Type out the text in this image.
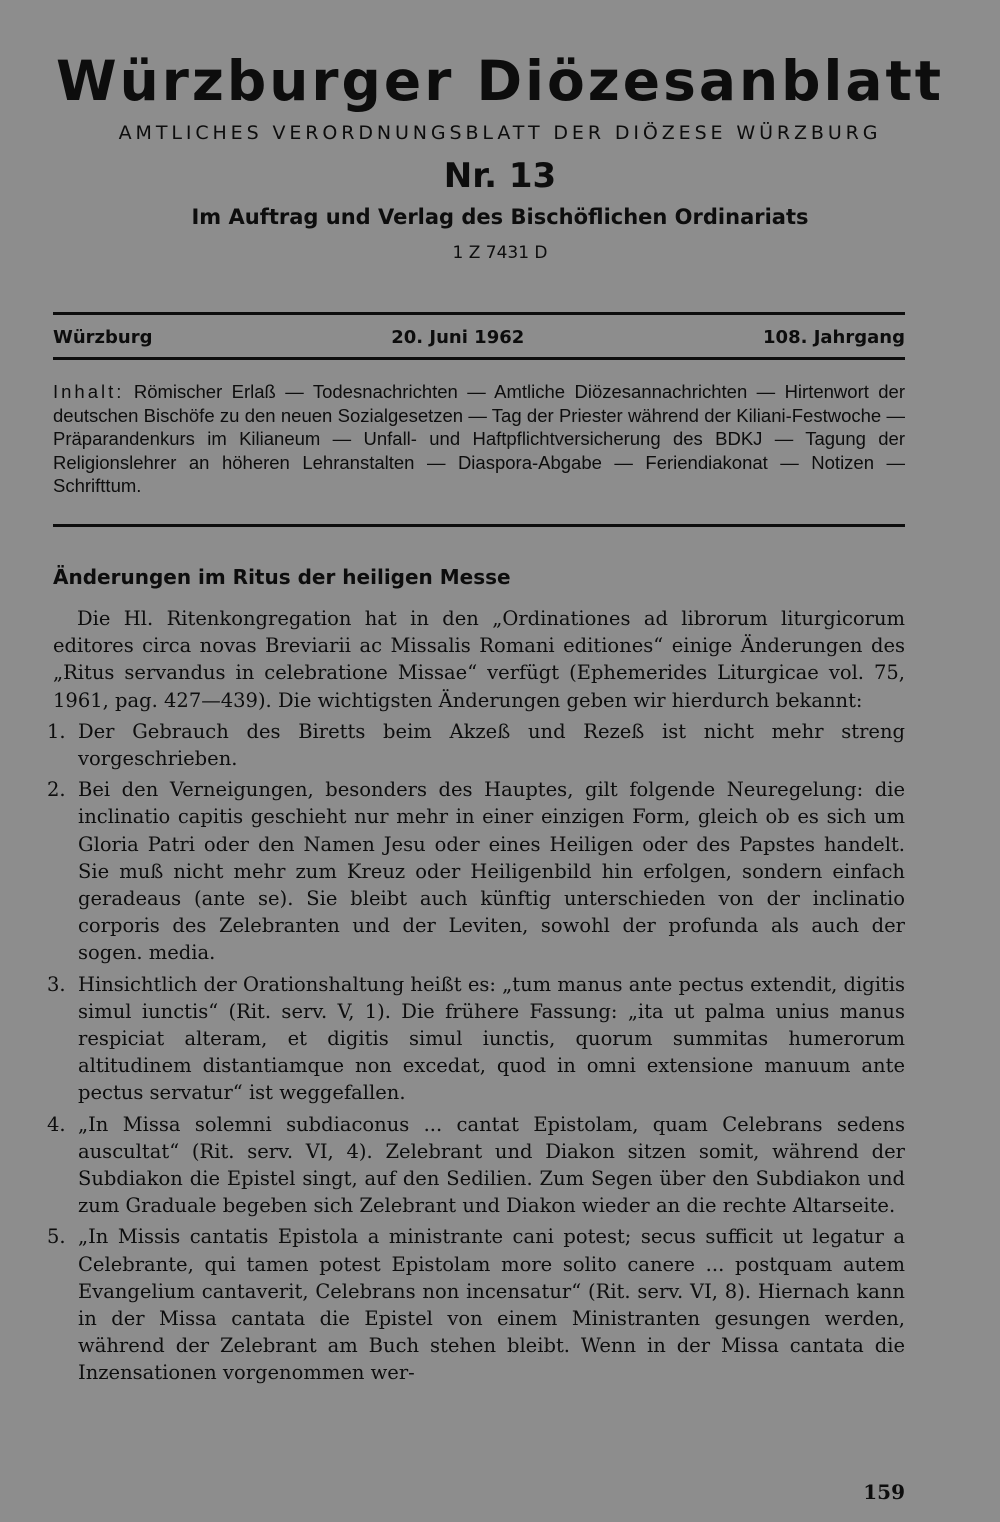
Würzburger Diözesanblatt
AMTLICHES VERORDNUNGSBLATT DER DIÖZESE WÜRZBURG
Nr. 13
Im Auftrag und Verlag des Bischöflichen Ordinariats
1 Z 7431 D
Würzburg	20. Juni 1962	108. Jahrgang
Inhalt: Römischer Erlaß — Todesnachrichten — Amtliche Diözesannachrichten — Hirtenwort der deutschen Bischöfe zu den neuen Sozialgesetzen — Tag der Priester während der Kiliani-Festwoche — Präparandenkurs im Kilianeum — Unfall- und Haftpflichtversicherung des BDKJ — Tagung der Religionslehrer an höheren Lehranstalten — Diaspora-Abgabe — Feriendiakonat — Notizen — Schrifttum.
Änderungen im Ritus der heiligen Messe

Die Hl. Ritenkongregation hat in den „Ordinationes ad librorum liturgicorum editores circa novas Breviarii ac Missalis Romani editiones“ einige Änderungen des „Ritus servandus in celebratione Missae“ verfügt (Ephemerides Liturgicae vol. 75, 1961, pag. 427—439). Die wichtigsten Änderungen geben wir hierdurch bekannt:

1. Der Gebrauch des Biretts beim Akzeß und Rezeß ist nicht mehr streng vorgeschrieben.
2. Bei den Verneigungen, besonders des Hauptes, gilt folgende Neuregelung: die inclinatio capitis geschieht nur mehr in einer einzigen Form, gleich ob es sich um Gloria Patri oder den Namen Jesu oder eines Heiligen oder des Papstes handelt. Sie muß nicht mehr zum Kreuz oder Heiligenbild hin erfolgen, sondern einfach geradeaus (ante se). Sie bleibt auch künftig unterschieden von der inclinatio corporis des Zelebranten und der Leviten, sowohl der profunda als auch der sogen. media.
3. Hinsichtlich der Orationshaltung heißt es: „tum manus ante pectus extendit, digitis simul iunctis“ (Rit. serv. V, 1). Die frühere Fassung: „ita ut palma unius manus respiciat alteram, et digitis simul iunctis, quorum summitas humerorum altitudinem distantiamque non excedat, quod in omni extensione manuum ante pectus servatur“ ist weggefallen.
4. „In Missa solemni subdiaconus ... cantat Epistolam, quam Celebrans sedens auscultat“ (Rit. serv. VI, 4). Zelebrant und Diakon sitzen somit, während der Subdiakon die Epistel singt, auf den Sedilien. Zum Segen über den Subdiakon und zum Graduale begeben sich Zelebrant und Diakon wieder an die rechte Altarseite.
5. „In Missis cantatis Epistola a ministrante cani potest; secus sufficit ut legatur a Celebrante, qui tamen potest Epistolam more solito canere ... postquam autem Evangelium cantaverit, Celebrans non incensatur“ (Rit. serv. VI, 8). Hiernach kann in der Missa cantata die Epistel von einem Ministranten gesungen werden, während der Zelebrant am Buch stehen bleibt. Wenn in der Missa cantata die Inzensationen vorgenommen wer-
159
